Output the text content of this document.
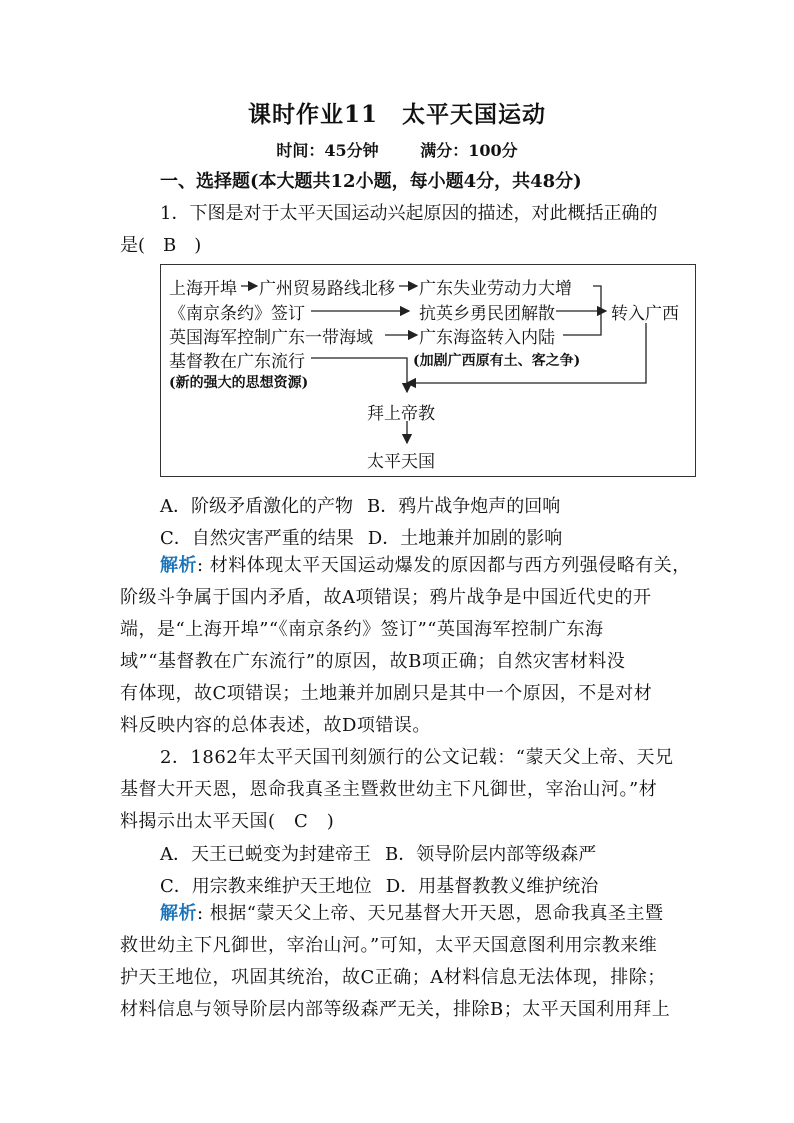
课时作业11　太平天国运动
时间：45分钟	满分：100分
一、选择题(本大题共12小题，每小题4分，共48分)
1．下图是对于太平天国运动兴起原因的描述，对此概括正确的
是(　B　)
上海开埠 广州贸易路线北移 广东失业劳动力大增
《南京条约》签订	抗英乡勇民团解散	转入广西
英国海军控制广东一带海域	广东海盗转入内陆
基督教在广东流行
(新的强大的思想资源)
(加剧广西原有土、客之争)
拜上帝教
太平天国
A．阶级矛盾激化的产物 B．鸦片战争炮声的回响
C．自然灾害严重的结果 D．土地兼并加剧的影响
解析: 材料体现太平天国运动爆发的原因都与西方列强侵略有关，
阶级斗争属于国内矛盾，故A项错误；鸦片战争是中国近代史的开
端，是“上海开埠”“《南京条约》签订”“英国海军控制广东海
域”“基督教在广东流行”的原因，故B项正确；自然灾害材料没
有体现，故C项错误；土地兼并加剧只是其中一个原因，不是对材
料反映内容的总体表述，故D项错误。
2．1862年太平天国刊刻颁行的公文记载：“蒙天父上帝、天兄
基督大开天恩，恩命我真圣主暨救世幼主下凡御世，宰治山河。”材
料揭示出太平天国(　C　)
A．天王已蜕变为封建帝王 B．领导阶层内部等级森严
C．用宗教来维护天王地位 D．用基督教教义维护统治
解析: 根据“蒙天父上帝、天兄基督大开天恩，恩命我真圣主暨
救世幼主下凡御世，宰治山河。”可知，太平天国意图利用宗教来维
护天王地位，巩固其统治，故C正确；A材料信息无法体现，排除；
材料信息与领导阶层内部等级森严无关，排除B；太平天国利用拜上
